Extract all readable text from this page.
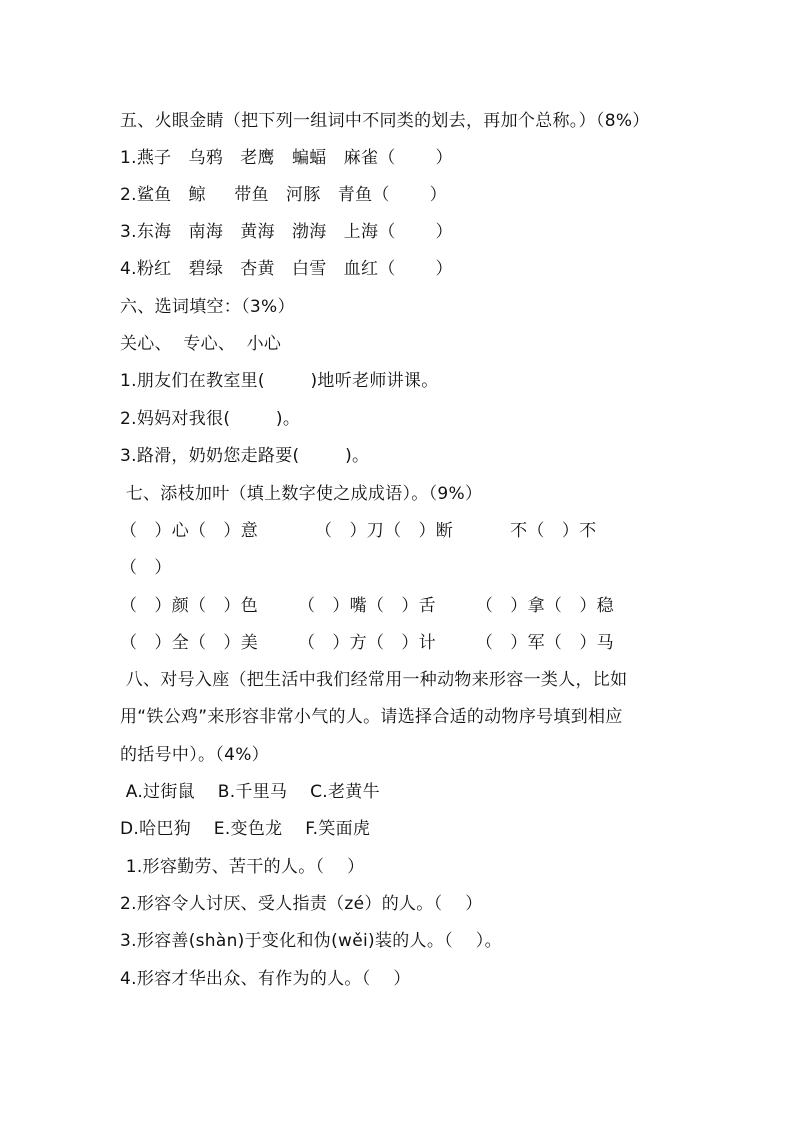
五、火眼金睛（把下列一组词中不同类的划去，再加个总称。）（8%）
1.燕子   乌鸦   老鹰   蝙蝠   麻雀（       ）
2.鲨鱼   鲸     带鱼   河豚   青鱼（       ）
3.东海   南海   黄海   渤海   上海（       ）
4.粉红   碧绿   杏黄   白雪   血红（       ）
六、选词填空：（3%）
关心、  专心、  小心
1.朋友们在教室里(        )地听老师讲课。
2.妈妈对我很(        )。
3.路滑，奶奶您走路要(        )。
七、添枝加叶（填上数字使之成成语）。（9%）
（   ）心（   ）意          （   ）刀（   ）断          不（   ）不
（   ）
（   ）颜（   ）色       （   ）嘴（   ）舌       （   ）拿（   ）稳
（   ）全（   ）美       （   ）方（   ）计       （   ）军（   ）马
八、对号入座（把生活中我们经常用一种动物来形容一类人，比如
用“铁公鸡”来形容非常小气的人。请选择合适的动物序号填到相应
的括号中）。（4%）
A.过街鼠    B.千里马    C.老黄牛
D.哈巴狗    E.变色龙    F.笑面虎
1.形容勤劳、苦干的人。（    ）
2.形容令人讨厌、受人指责（zé）的人。（    ）
3.形容善(shàn)于变化和伪(wěi)装的人。（    ）。
4.形容才华出众、有作为的人。（    ）
